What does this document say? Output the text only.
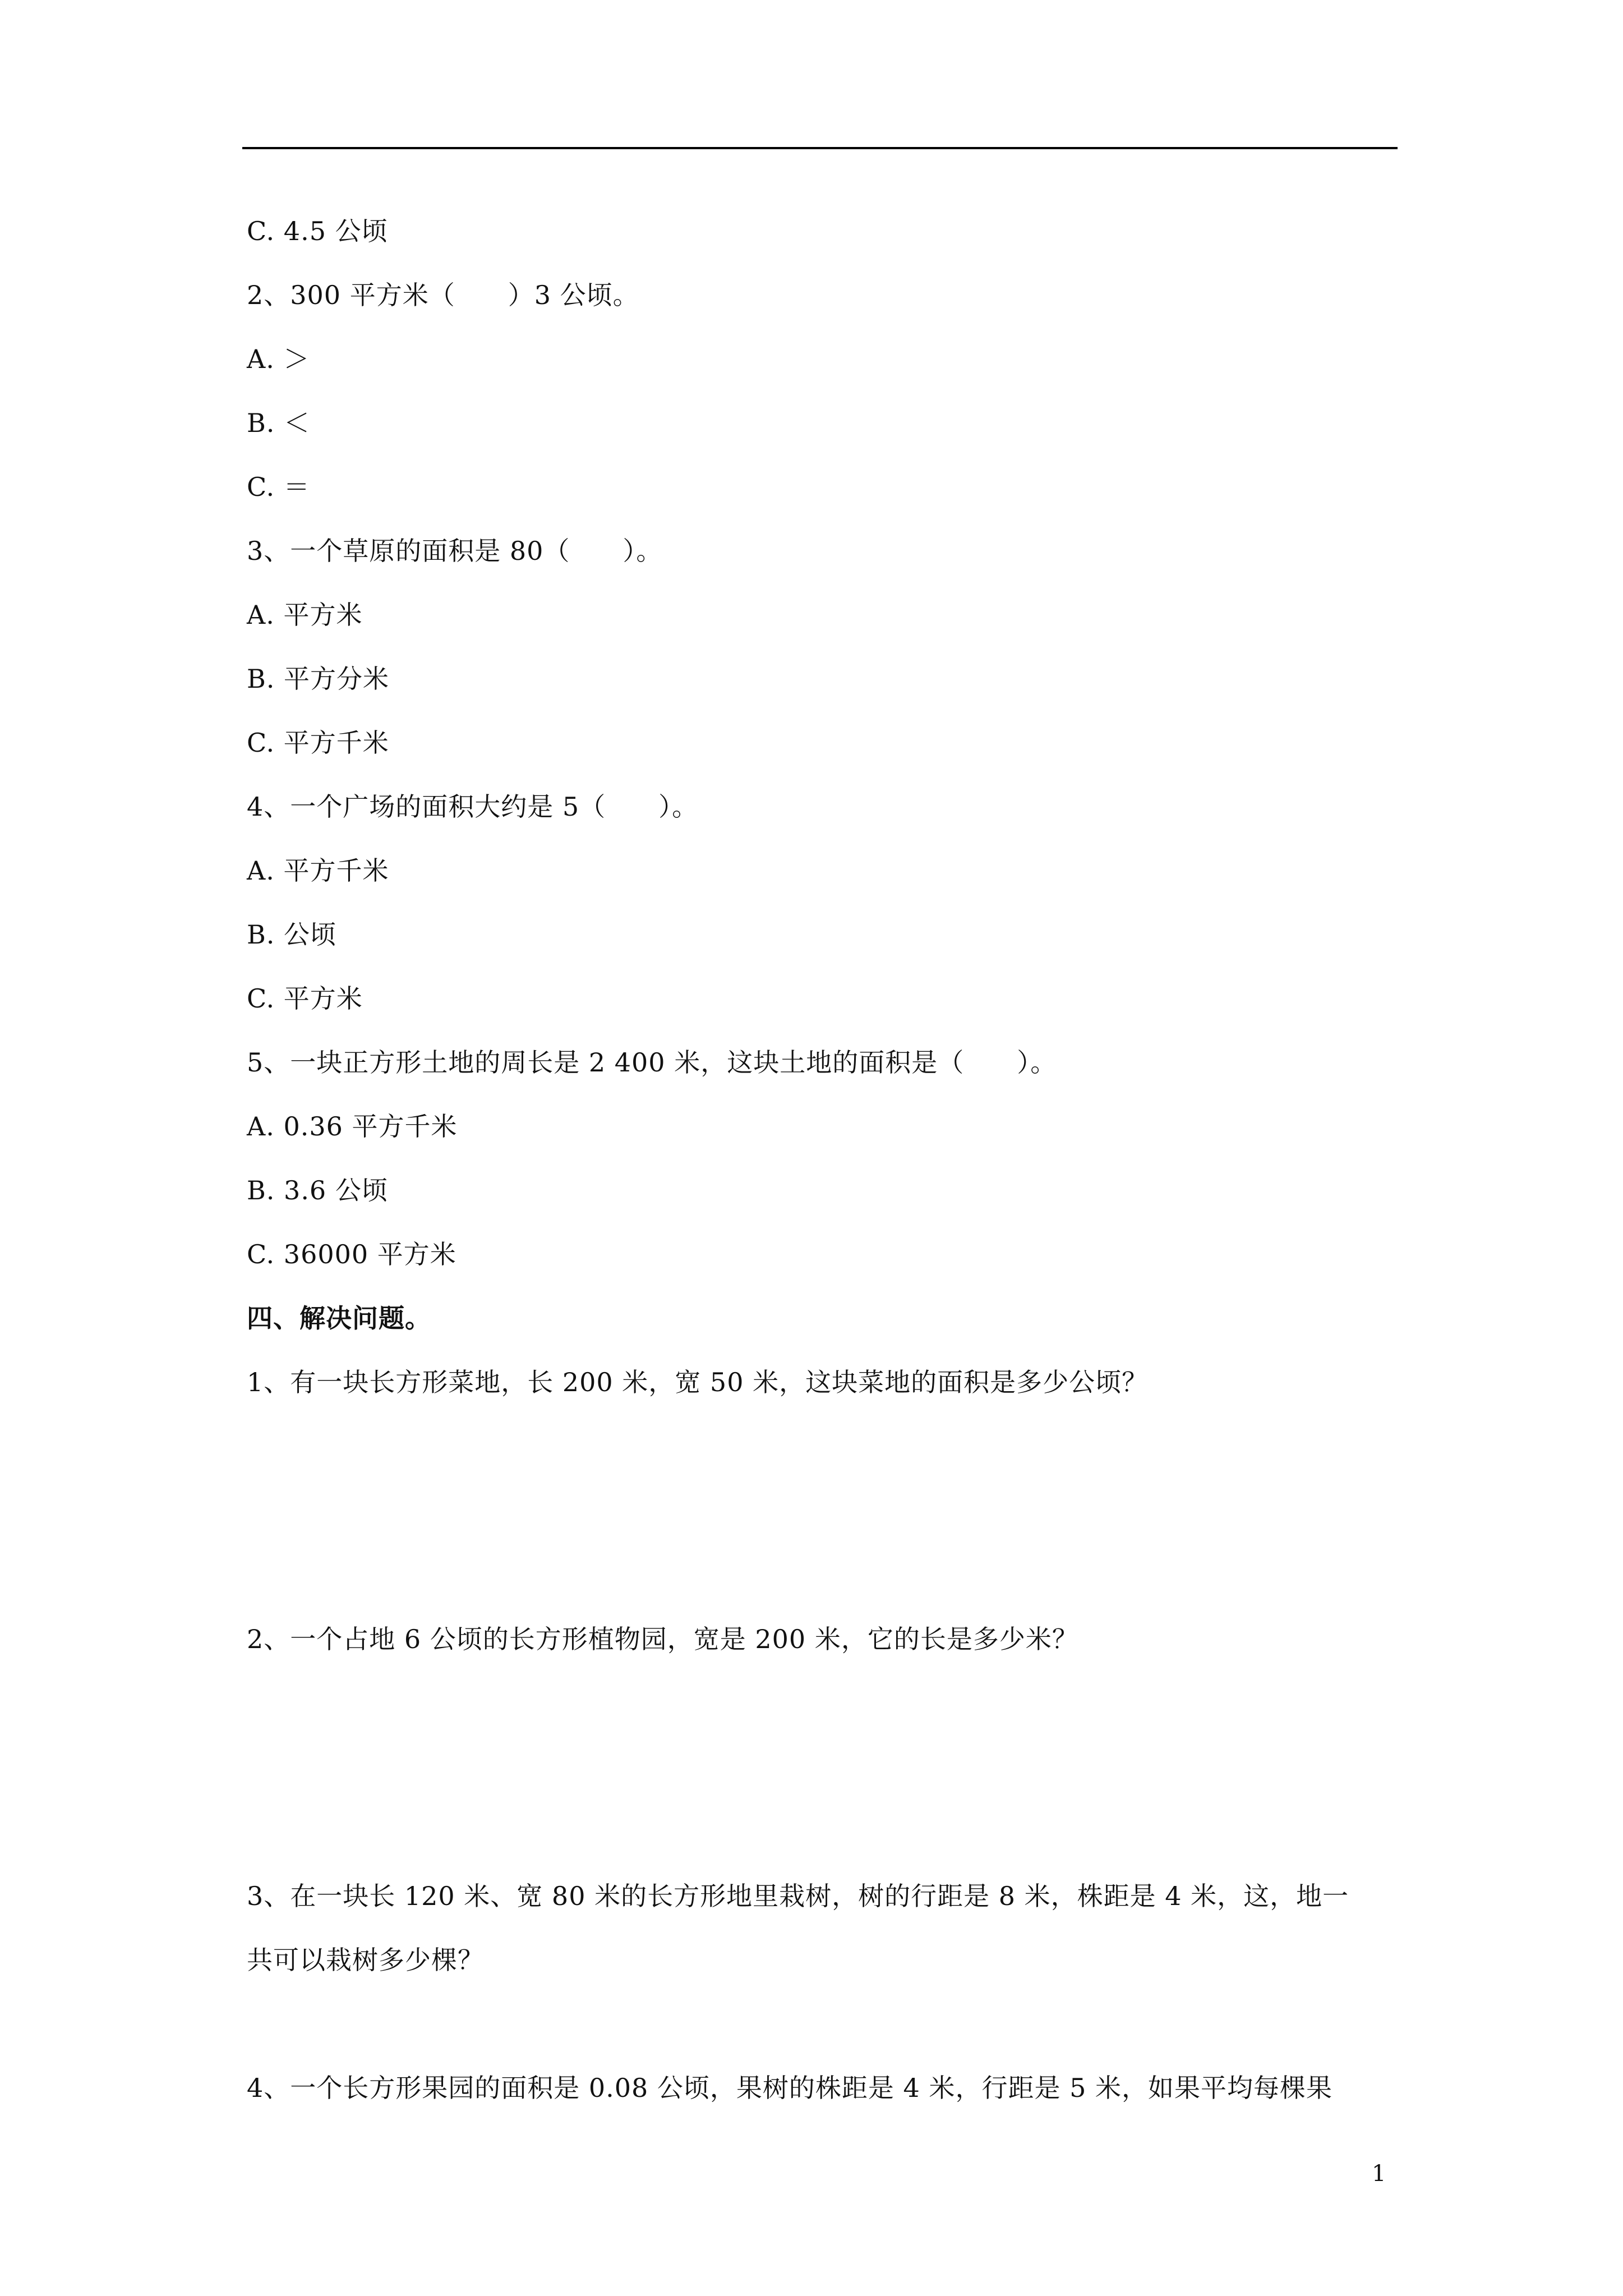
C. 4.5 公顷
2、300 平方米（　　）3 公顷。
A. ＞
B. ＜
C. ＝
3、一个草原的面积是 80（　　）。
A. 平方米
B. 平方分米
C. 平方千米
4、一个广场的面积大约是 5（　　）。
A. 平方千米
B. 公顷
C. 平方米
5、一块正方形土地的周长是 2 400 米，这块土地的面积是（　　）。
A. 0.36 平方千米
B. 3.6 公顷
C. 36000 平方米
四、解决问题。
1、有一块长方形菜地，长 200 米，宽 50 米，这块菜地的面积是多少公顷？
2、一个占地 6 公顷的长方形植物园，宽是 200 米，它的长是多少米？
3、在一块长 120 米、宽 80 米的长方形地里栽树，树的行距是 8 米，株距是 4 米，这，地一
共可以栽树多少棵？
4、一个长方形果园的面积是 0.08 公顷，果树的株距是 4 米，行距是 5 米，如果平均每棵果
1
